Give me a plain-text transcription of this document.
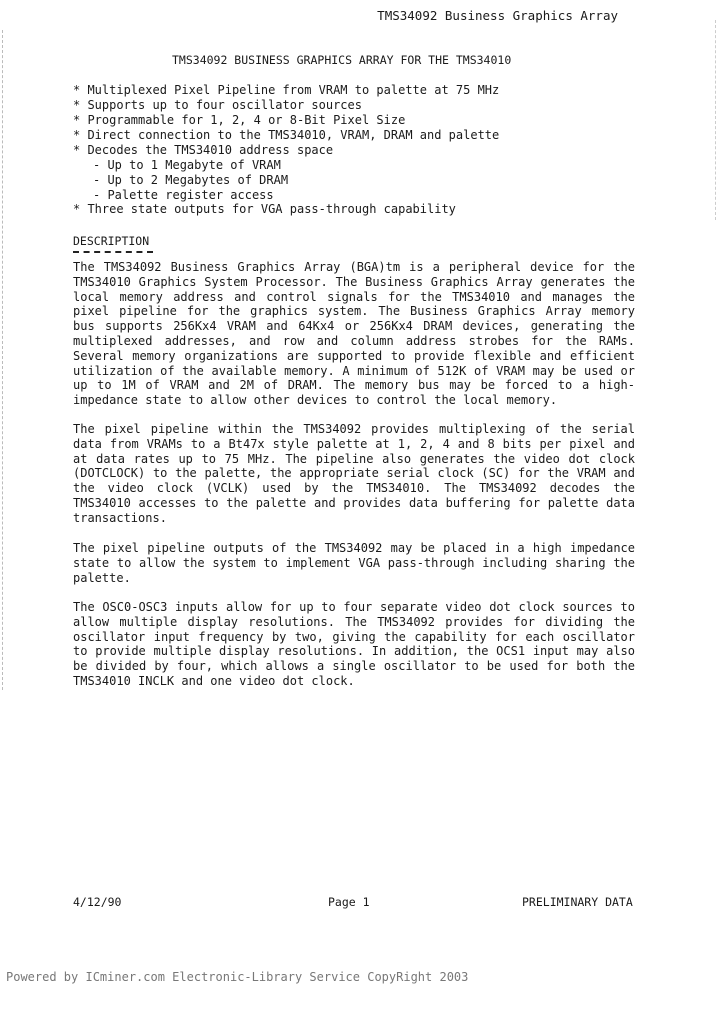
TMS34092 Business Graphics Array
TMS34092 BUSINESS GRAPHICS ARRAY FOR THE TMS34010
* Multiplexed Pixel Pipeline from VRAM to palette at 75 MHz
* Supports up to four oscillator sources
* Programmable for 1, 2, 4 or 8-Bit Pixel Size
* Direct connection to the TMS34010, VRAM, DRAM and palette
* Decodes the TMS34010 address space
- Up to 1 Megabyte of VRAM
- Up to 2 Megabytes of DRAM
- Palette register access
* Three state outputs for VGA pass-through capability
DESCRIPTION
The TMS34092 Business Graphics Array (BGA)tm is a peripheral device for the TMS34010 Graphics System Processor. The Business Graphics Array generates the local memory address and control signals for the TMS34010 and manages the pixel pipeline for the graphics system. The Business Graphics Array memory bus supports 256Kx4 VRAM and 64Kx4 or 256Kx4 DRAM devices, generating the multiplexed addresses, and row and column address strobes for the RAMs. Several memory organizations are supported to provide flexible and efficient utilization of the available memory. A minimum of 512K of VRAM may be used or up to 1M of VRAM and 2M of DRAM. The memory bus may be forced to a high-impedance state to allow other devices to control the local memory.
The pixel pipeline within the TMS34092 provides multiplexing of the serial data from VRAMs to a Bt47x style palette at 1, 2, 4 and 8 bits per pixel and at data rates up to 75 MHz. The pipeline also generates the video dot clock (DOTCLOCK) to the palette, the appropriate serial clock (SC) for the VRAM and the video clock (VCLK) used by the TMS34010. The TMS34092 decodes the TMS34010 accesses to the palette and provides data buffering for palette data transactions.
The pixel pipeline outputs of the TMS34092 may be placed in a high impedance state to allow the system to implement VGA pass-through including sharing the palette.
The OSC0-OSC3 inputs allow for up to four separate video dot clock sources to allow multiple display resolutions. The TMS34092 provides for dividing the oscillator input frequency by two, giving the capability for each oscillator to provide multiple display resolutions. In addition, the OCS1 input may also be divided by four, which allows a single oscillator to be used for both the TMS34010 INCLK and one video dot clock.
4/12/90	Page 1	PRELIMINARY DATA
Powered by ICminer.com Electronic-Library Service CopyRight 2003
